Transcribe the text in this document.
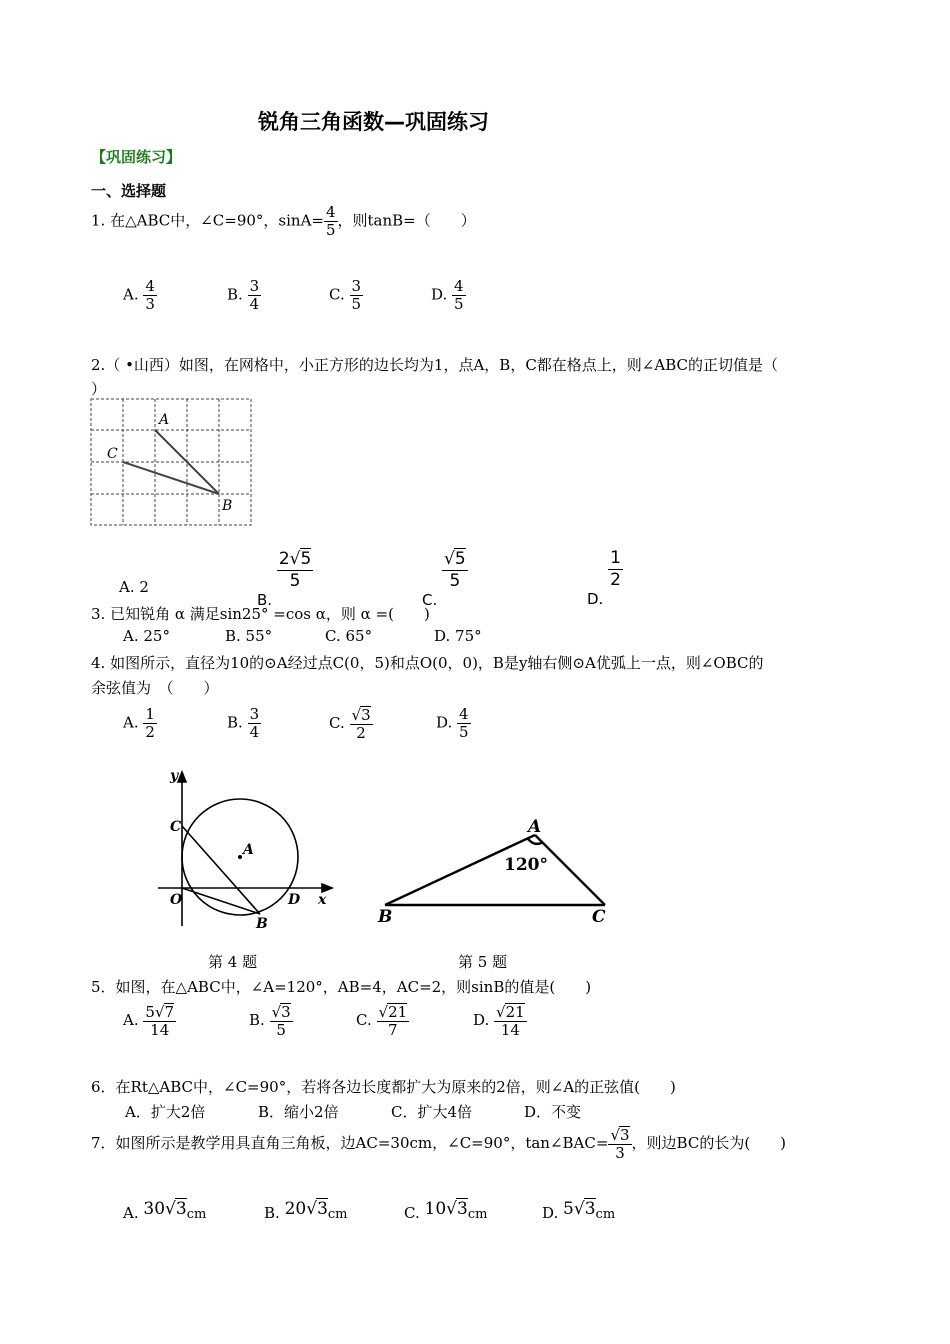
锐角三角函数—巩固练习
【巩固练习】
一、选择题
1. 在△ABC中，∠C=90°，$\sin A= \frac{4}{5}$ ，则tanB=（　　）
A. $\frac{4}{3}$	B. $\frac{3}{4}$	C. $\frac{3}{5}$	D. $\frac{4}{5}$
2.（ •山西）如图，在网格中，小正方形的边长均为1，点A，B，C都在格点上，则∠ABC的正切值是（
）
A
C
B
A. 2
B.
$\frac{2√5}{5}$
C.
$\frac{√5}{5}$
D.
$\frac{1}{2}$
3. 已知锐角 α 满足sin25° =cos α，则 α =(　　)
A. 25°	B. 55°	C. 65°	D. 75°
4. 如图所示，直径为10的⊙A经过点C(0，5)和点O(0，0)，B是y轴右侧⊙A优弧上一点，则∠OBC的
余弦值为　（　　）
A. $\frac{1}{2}$	B. $\frac{3}{4}$	C. $\frac{√3}{2}$	D. $\frac{4}{5}$
y
x
C
A
O	D
B
第 4 题
A
120°
B	C
第 5 题
5．如图，在△ABC中，∠A=120°，AB=4，AC=2，则sinB的值是(　　)
A. $\frac{5√7}{14}$	B. $\frac{√3}{5}$	C. $\frac{√21}{7}$	D. $\frac{√21}{14}$
6．在Rt△ABC中，∠C=90°，若将各边长度都扩大为原来的2倍，则∠A的正弦值(　　)
A．扩大2倍	B．缩小2倍	C．扩大4倍	D．不变
7．如图所示是教学用具直角三角板，边AC=30cm，∠C=90°，tan∠BAC= $\frac{√3}{3}$ ，则边BC的长为(　　)
A. 30√3cm	B. 20√3cm	C. 10√3cm	D. 5√3cm
